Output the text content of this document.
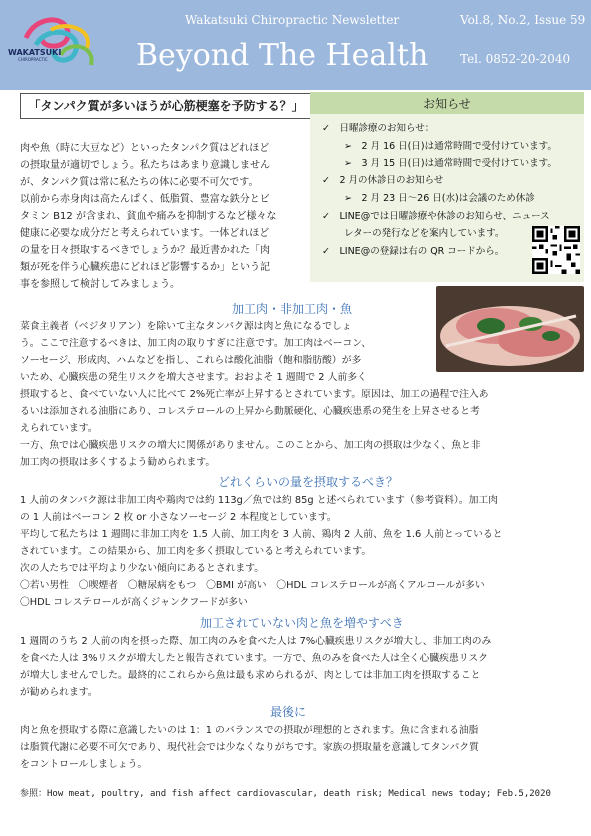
WAKATSUKI
CHIROPRACTIC
Wakatsuki Chiropractic Newsletter	Vol.8, No.2, Issue 59
Beyond The Health	Tel. 0852-20-2040
「タンパク質が多いほうが心筋梗塞を予防する？」	お知らせ
✓　 日曜診療のお知らせ：
➢　 2 月 16 日(日)は通常時間で受付けています。
➢　 3 月 15 日(日)は通常時間で受付けています。
✓　 2 月の休診日のお知らせ
➢　 2 月 23 日～26 日(水)は会議のため休診
✓　 LINE@では日曜診療や休診のお知らせ、ニュース
レターの発行などを案内しています。
✓　 LINE@の登録は右の QR コードから。
肉や魚（時に大豆など）といったタンパク質はどれほど
の摂取量が適切でしょう。私たちはあまり意識しません
が、タンパク質は常に私たちの体に必要不可欠です。
以前から赤身肉は高たんぱく、低脂質、豊富な鉄分とビ
タミン B12 が含まれ、貧血や痛みを抑制するなど様々な
健康に必要な成分だと考えられています。一体どれほど
の量を日々摂取するべきでしょうか？最近書かれた「肉
類が死を伴う心臓疾患にどれほど影響するか」という記
事を参照して検討してみましょう。
加工肉・非加工肉・魚
菜食主義者（ベジタリアン）を除いて主なタンパク源は肉と魚になるでしょ
う。ここで注意するべきは、加工肉の取りすぎに注意です。加工肉はベーコン、
ソーセージ、形成肉、ハムなどを指し、これらは酸化油脂（飽和脂肪酸）が多
いため、心臓疾患の発生リスクを増大させます。おおよそ 1 週間で 2 人前多く
摂取すると、食べていない人に比べて 2%死亡率が上昇するとされています。原因は、加工の過程で注入あ
るいは添加される油脂にあり、コレステロールの上昇から動脈硬化、心臓疾患系の発生を上昇させると考
えられています。
一方、魚では心臓疾患リスクの増大に関係がありません。このことから、加工肉の摂取は少なく、魚と非
加工肉の摂取は多くするよう勧められます。
どれくらいの量を摂取するべき？
1 人前のタンパク源は非加工肉や鶏肉では約 113g／魚では約 85g と述べられています（参考資料）。加工肉
の 1 人前はベーコン 2 枚 or 小さなソーセージ 2 本程度としています。
平均して私たちは 1 週間に非加工肉を 1.5 人前、加工肉を 3 人前、鶏肉 2 人前、魚を 1.6 人前とっていると
されています。この結果から、加工肉を多く摂取していると考えられています。
次の人たちでは平均より少ない傾向にあるとされます。
〇若い男性　〇喫煙者　〇糖尿病をもつ　〇BMI が高い　〇HDL コレステロールが高くアルコールが多い
〇HDL コレステロールが高くジャンクフードが多い
加工されていない肉と魚を増やすべき
1 週間のうち 2 人前の肉を摂った際、加工肉のみを食べた人は 7%心臓疾患リスクが増大し、非加工肉のみ
を食べた人は 3%リスクが増大したと報告されています。一方で、魚のみを食べた人は全く心臓疾患リスク
が増大しませんでした。最終的にこれらから魚は最も求められるが、肉としては非加工肉を摂取すること
が勧められます。
最後に
肉と魚を摂取する際に意識したいのは 1：1 のバランスでの摂取が理想的とされます。魚に含まれる油脂
は脂質代謝に必要不可欠であり、現代社会では少なくなりがちです。家族の摂取量を意識してタンパク質
をコントロールしましょう。
参照：How meat, poultry, and fish affect cardiovascular, death risk; Medical news today; Feb.5,2020
